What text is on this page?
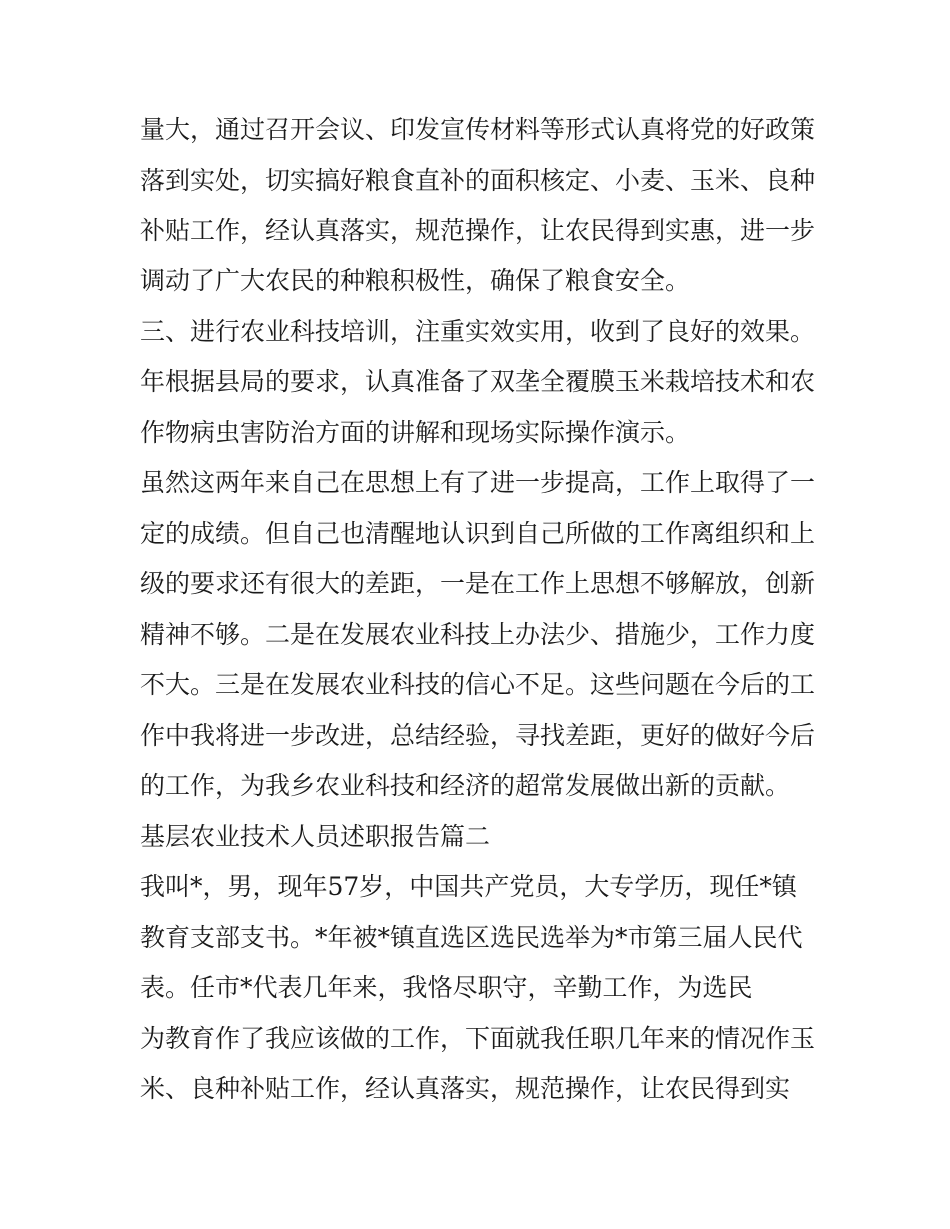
量大，通过召开会议、印发宣传材料等形式认真将党的好政策
落到实处，切实搞好粮食直补的面积核定、小麦、玉米、良种
补贴工作，经认真落实，规范操作，让农民得到实惠，进一步
调动了广大农民的种粮积极性，确保了粮食安全。
三、进行农业科技培训，注重实效实用，收到了良好的效果。
年根据县局的要求，认真准备了双垄全覆膜玉米栽培技术和农
作物病虫害防治方面的讲解和现场实际操作演示。
虽然这两年来自己在思想上有了进一步提高，工作上取得了一
定的成绩。但自己也清醒地认识到自己所做的工作离组织和上
级的要求还有很大的差距，一是在工作上思想不够解放，创新
精神不够。二是在发展农业科技上办法少、措施少，工作力度
不大。三是在发展农业科技的信心不足。这些问题在今后的工
作中我将进一步改进，总结经验，寻找差距，更好的做好今后
的工作，为我乡农业科技和经济的超常发展做出新的贡献。
基层农业技术人员述职报告篇二
我叫*，男，现年57岁，中国共产党员，大专学历，现任*镇
教育支部支书。*年被*镇直选区选民选举为*市第三届人民代
表。任市*代表几年来，我恪尽职守，辛勤工作，为选民
为教育作了我应该做的工作，下面就我任职几年来的情况作玉
米、良种补贴工作，经认真落实，规范操作，让农民得到实
